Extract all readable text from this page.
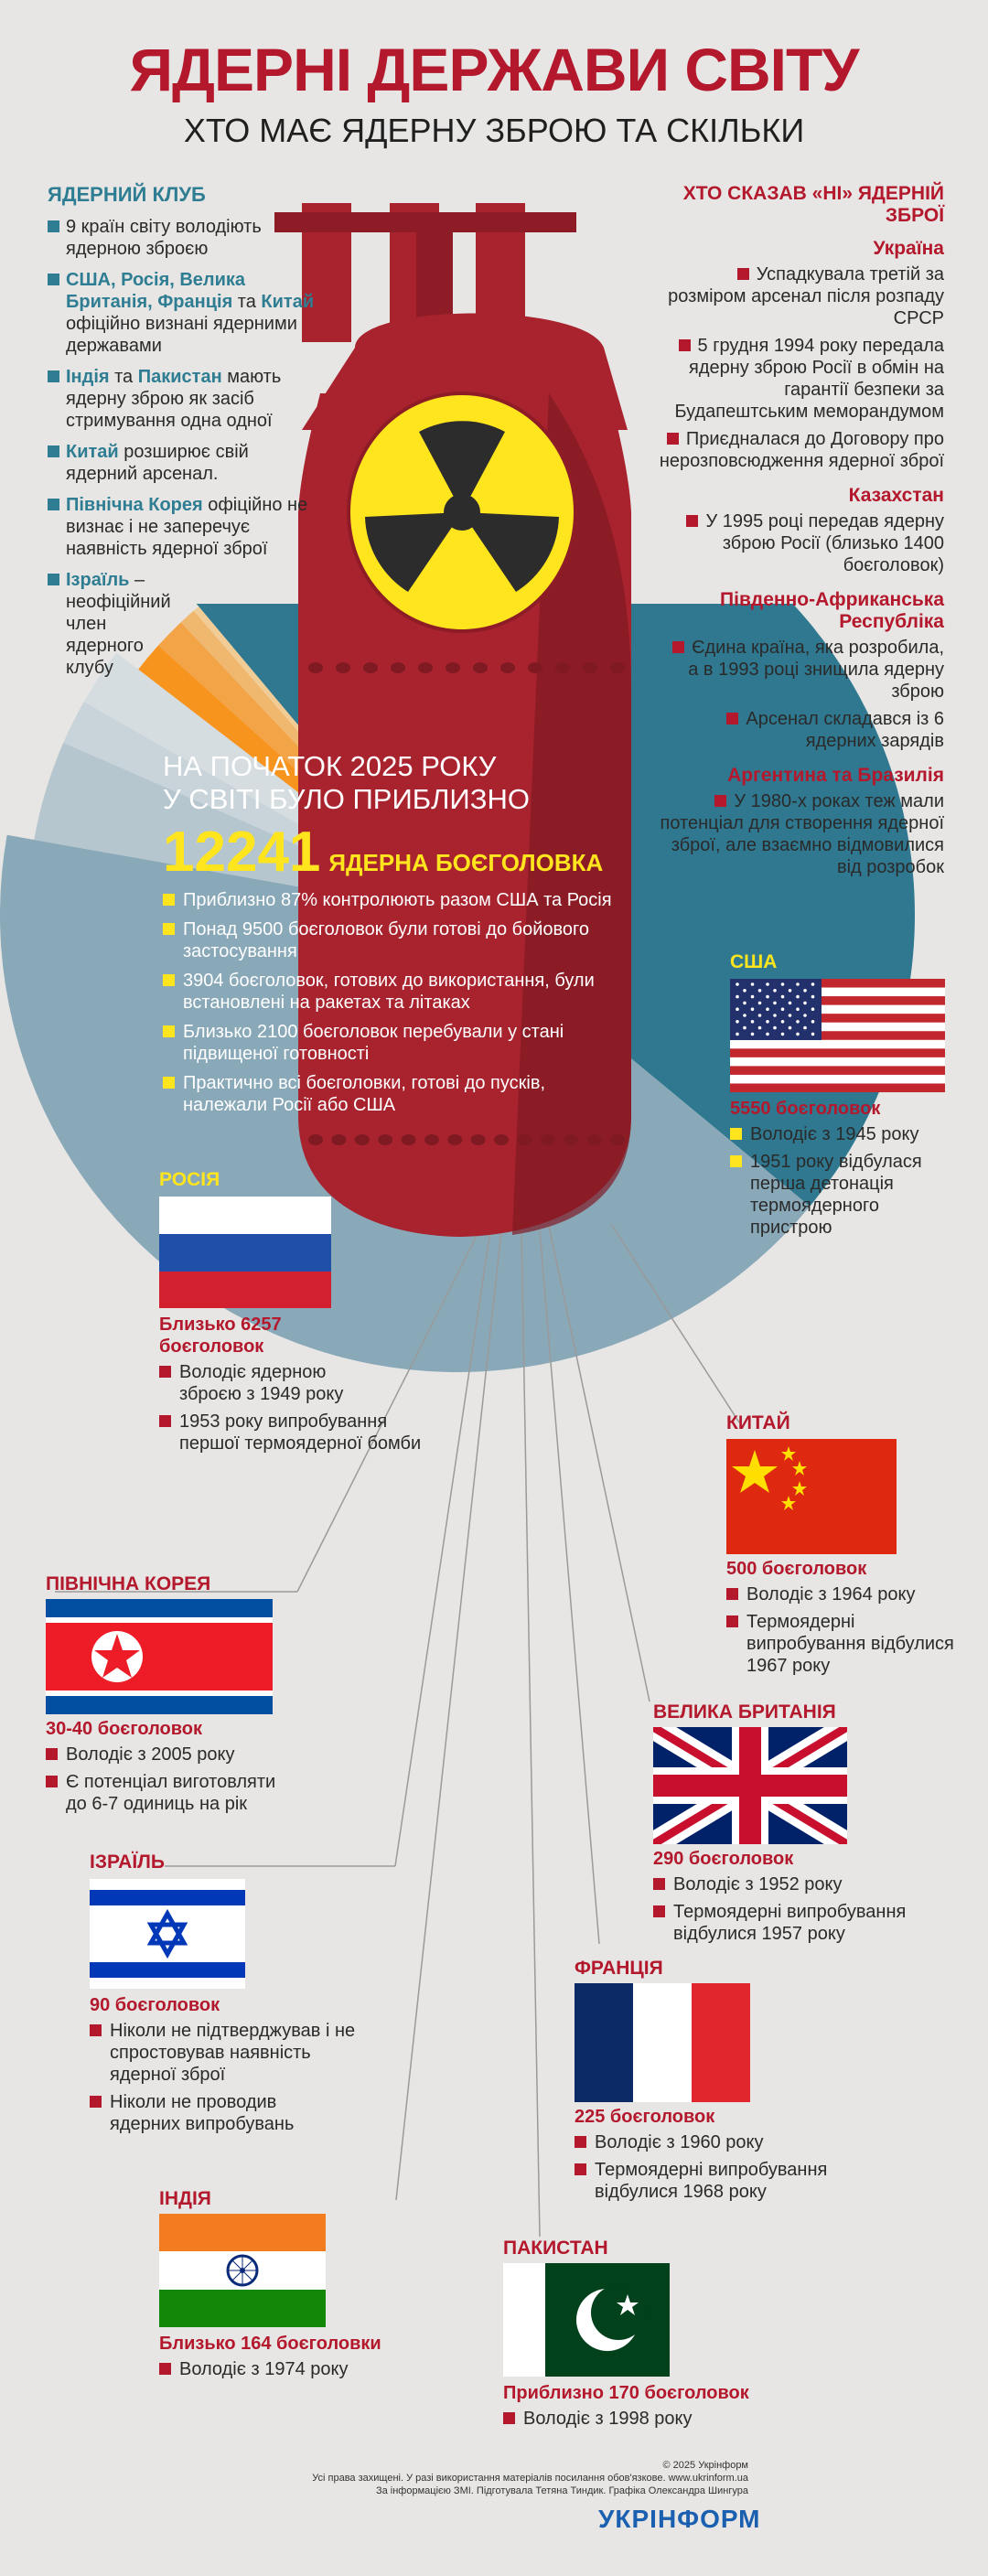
ЯДЕРНІ ДЕРЖАВИ СВІТУ
ХТО МАЄ ЯДЕРНУ ЗБРОЮ ТА СКІЛЬКИ
ЯДЕРНИЙ КЛУБ

9 країн світу володіють ядерною зброєю

США, Росія, Велика Британія, Франція та Китай офіційно визнані ядерними державами

Індія та Пакистан мають ядерну зброю як засіб стримування одна одної

Китай розширює свій ядерний арсенал.

Північна Корея офіційно не визнає і не заперечує наявність ядерної зброї

Ізраїль – неофіційний член ядерного клубу

ХТО СКАЗАВ «НІ» ЯДЕРНІЙ ЗБРОЇ
Україна

Успадкувала третій за розміром арсенал після розпаду СРСР

5 грудня 1994 року передала ядерну зброю Росії в обмін на гарантії безпеки за Будапештським меморандумом

Приєдналася до Договору про нерозповсюдження ядерної зброї

Казахстан

У 1995 році передав ядерну зброю Росії (близько 1400 боєголовок)

Південно-Африканська Республіка

Єдина країна, яка розробила, а в 1993 році знищила ядерну зброю

Арсенал складався із 6 ядерних зарядів

Аргентина та Бразилія

У 1980-х роках теж мали потенціал для створення ядерної зброї, але взаємно відмовилися від розробок

НА ПОЧАТОК 2025 РОКУ
У СВІТІ БУЛО ПРИБЛИЗНО
12241 ЯДЕРНА БОЄГОЛОВКА

Приблизно 87% контролюють разом США та Росія

Понад 9500 боєголовок були готові до бойового застосування

3904 боєголовок, готових до використання, були встановлені на ракетах та літаках

Близько 2100 боєголовок перебували у стані підвищеної готовності

Практично всі боєголовки, готові до пусків, належали Росії або США

США
5550 боєголовок
Володіє з 1945 року
1951 року відбулася перша детонація термоядерного пристрою
РОСІЯ
Близько 6257 боєголовок
Володіє ядерною зброєю з 1949 року
1953 року випробування першої термоядерної бомби
КИТАЙ
500 боєголовок
Володіє з 1964 року
Термоядерні випробування відбулися 1967 року
ПІВНІЧНА КОРЕЯ
30-40 боєголовок
Володіє з 2005 року
Є потенціал виготовляти до 6-7 одиниць на рік
ВЕЛИКА БРИТАНІЯ
290 боєголовок
Володіє з 1952 року
Термоядерні випробування відбулися 1957 року
ІЗРАЇЛЬ
90 боєголовок
Ніколи не підтверджував і не спростовував наявність ядерної зброї
Ніколи не проводив ядерних випробувань
ФРАНЦІЯ
225 боєголовок
Володіє з 1960 року
Термоядерні випробування відбулися 1968 року
ІНДІЯ
Близько 164 боєголовки
Володіє з 1974 року
ПАКИСТАН
Приблизно 170 боєголовок
Володіє з 1998 року
© 2025 Укрінформ
Усі права захищені. У разі використання матеріалів посилання обов'язкове. www.ukrinform.ua
За інформацією ЗМІ. Підготувала Тетяна Тиндик. Графіка Олександра Шингура
УКРІНФОРМ
